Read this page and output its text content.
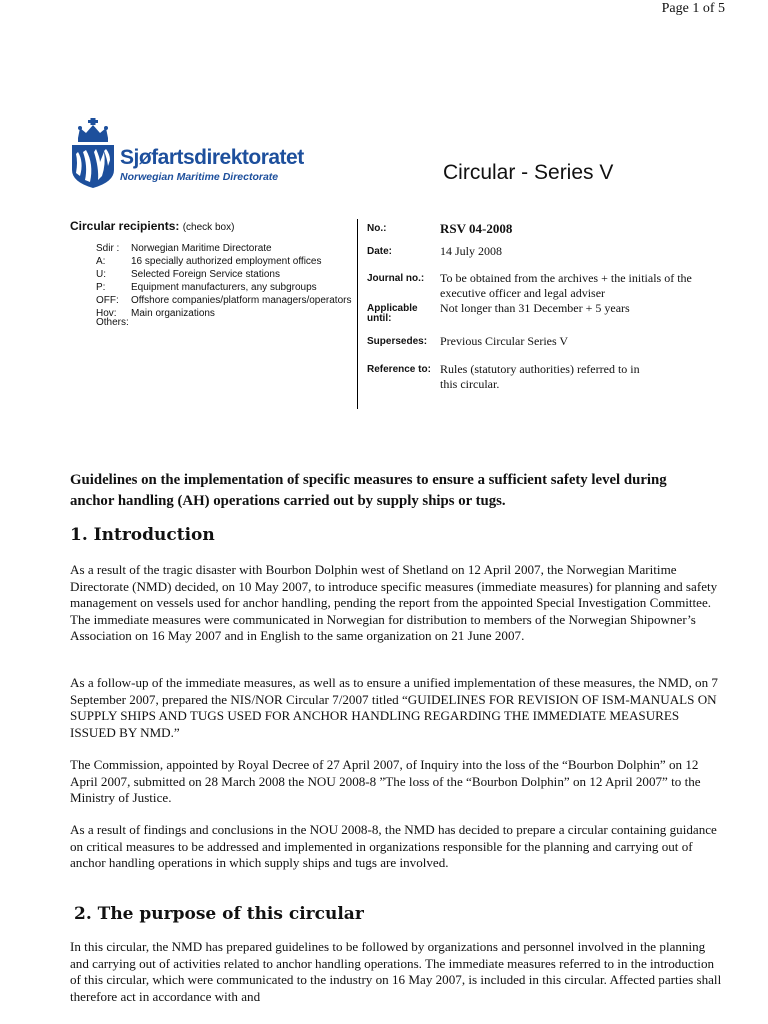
Page 1 of 5
Sjøfartsdirektoratet
Norwegian Maritime Directorate	Circular - Series V
Circular recipients: (check box)
Sdir :	Norwegian Maritime Directorate
A:	16 specially authorized employment offices
U:	Selected Foreign Service stations
P:	Equipment manufacturers, any subgroups
OFF:	Offshore companies/platform managers/operators
Hov:	Main organizations
Others:
No.:	RSV 04-2008
Date:	14 July 2008
Journal no.:	To be obtained from the archives + the initials of the executive officer and legal adviser
Applicable until:
Not longer than 31 December + 5 years
Supersedes:	Previous Circular Series V
Reference to: Rules (statutory authorities) referred to in this circular.
Guidelines on the implementation of specific measures to ensure a sufficient safety level during anchor handling (AH) operations carried out by supply ships or tugs.
1. Introduction

As a result of the tragic disaster with Bourbon Dolphin west of Shetland on 12 April 2007, the Norwegian Maritime Directorate (NMD) decided, on 10 May 2007, to introduce specific measures (immediate measures) for planning and safety management on vessels used for anchor handling, pending the report from the appointed Special Investigation Committee. The immediate measures were communicated in Norwegian for distribution to members of the Norwegian Shipowner’s Association on 16 May 2007 and in English to the same organization on 21 June 2007.

As a follow-up of the immediate measures, as well as to ensure a unified implementation of these measures, the NMD, on 7 September 2007, prepared the NIS/NOR Circular 7/2007 titled “GUIDELINES FOR REVISION OF ISM-MANUALS ON SUPPLY SHIPS AND TUGS USED FOR ANCHOR HANDLING REGARDING THE IMMEDIATE MEASURES ISSUED BY NMD.”

The Commission, appointed by Royal Decree of 27 April 2007, of Inquiry into the loss of the “Bourbon Dolphin” on 12 April 2007, submitted on 28 March 2008 the NOU 2008-8 ”The loss of the “Bourbon Dolphin” on 12 April 2007” to the Ministry of Justice.

As a result of findings and conclusions in the NOU 2008-8, the NMD has decided to prepare a circular containing guidance on critical measures to be addressed and implemented in organizations responsible for the planning and carrying out of anchor handling operations in which supply ships and tugs are involved.

2. The purpose of this circular

In this circular, the NMD has prepared guidelines to be followed by organizations and personnel involved in the planning and carrying out of activities related to anchor handling operations. The immediate measures referred to in the introduction of this circular, which were communicated to the industry on 16 May 2007, is included in this circular. Affected parties shall therefore act in accordance with and
